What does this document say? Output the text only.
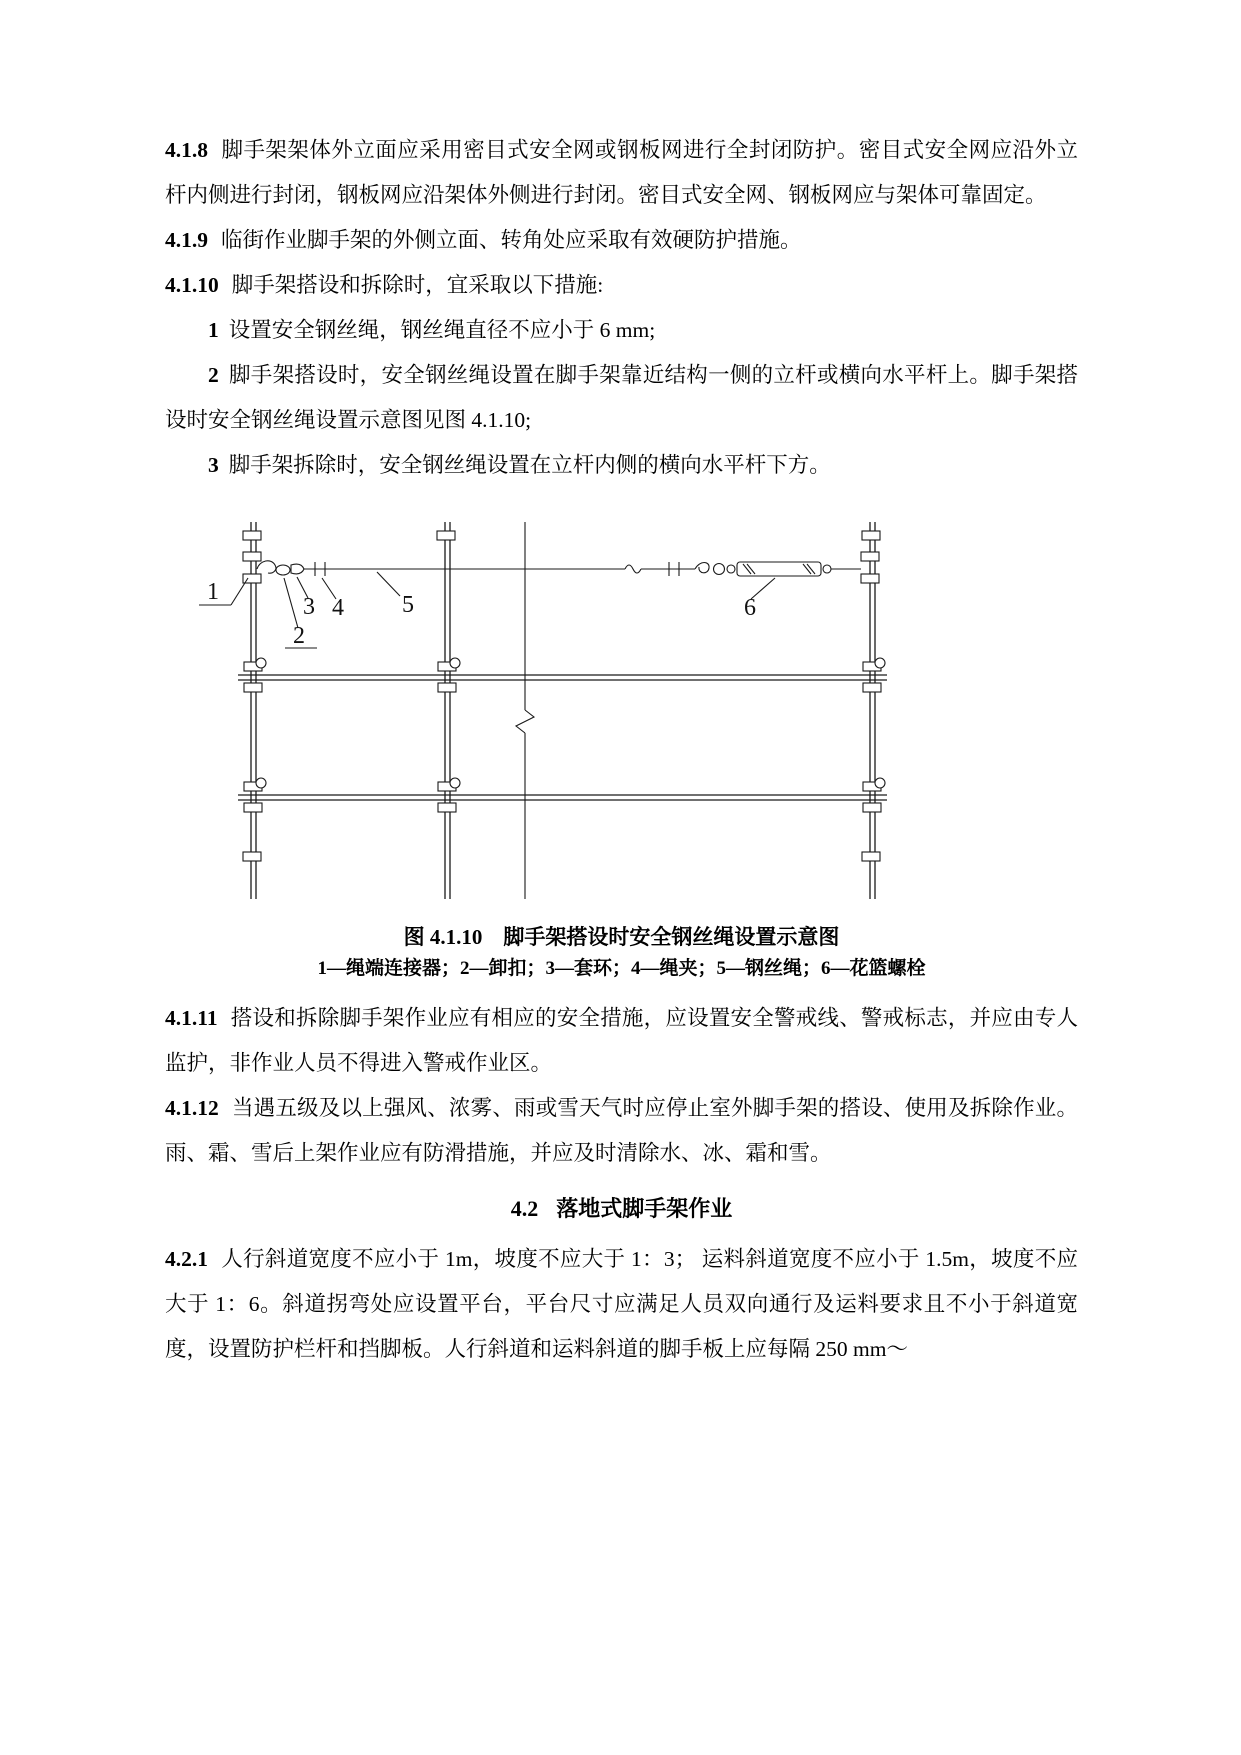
4.1.8 脚手架架体外立面应采用密目式安全网或钢板网进行全封闭防护。密目式安全网应沿外立杆内侧进行封闭，钢板网应沿架体外侧进行封闭。密目式安全网、钢板网应与架体可靠固定。

4.1.9 临街作业脚手架的外侧立面、转角处应采取有效硬防护措施。

4.1.10 脚手架搭设和拆除时，宜采取以下措施:

1 设置安全钢丝绳，钢丝绳直径不应小于 6 mm;

2 脚手架搭设时，安全钢丝绳设置在脚手架靠近结构一侧的立杆或横向水平杆上。脚手架搭设时安全钢丝绳设置示意图见图 4.1.10;

3 脚手架拆除时，安全钢丝绳设置在立杆内侧的横向水平杆下方。

1
2
3 4 5	6
图 4.1.10　脚手架搭设时安全钢丝绳设置示意图
1—绳端连接器；2—卸扣；3—套环；4—绳夹；5—钢丝绳；6—花篮螺栓

4.1.11 搭设和拆除脚手架作业应有相应的安全措施，应设置安全警戒线、警戒标志，并应由专人监护，非作业人员不得进入警戒作业区。

4.1.12 当遇五级及以上强风、浓雾、雨或雪天气时应停止室外脚手架的搭设、使用及拆除作业。雨、霜、雪后上架作业应有防滑措施，并应及时清除水、冰、霜和雪。

4.2 落地式脚手架作业

4.2.1 人行斜道宽度不应小于 1m，坡度不应大于 1：3； 运料斜道宽度不应小于 1.5m，坡度不应大于 1：6。斜道拐弯处应设置平台，平台尺寸应满足人员双向通行及运料要求且不小于斜道宽度，设置防护栏杆和挡脚板。人行斜道和运料斜道的脚手板上应每隔 250 mm～
